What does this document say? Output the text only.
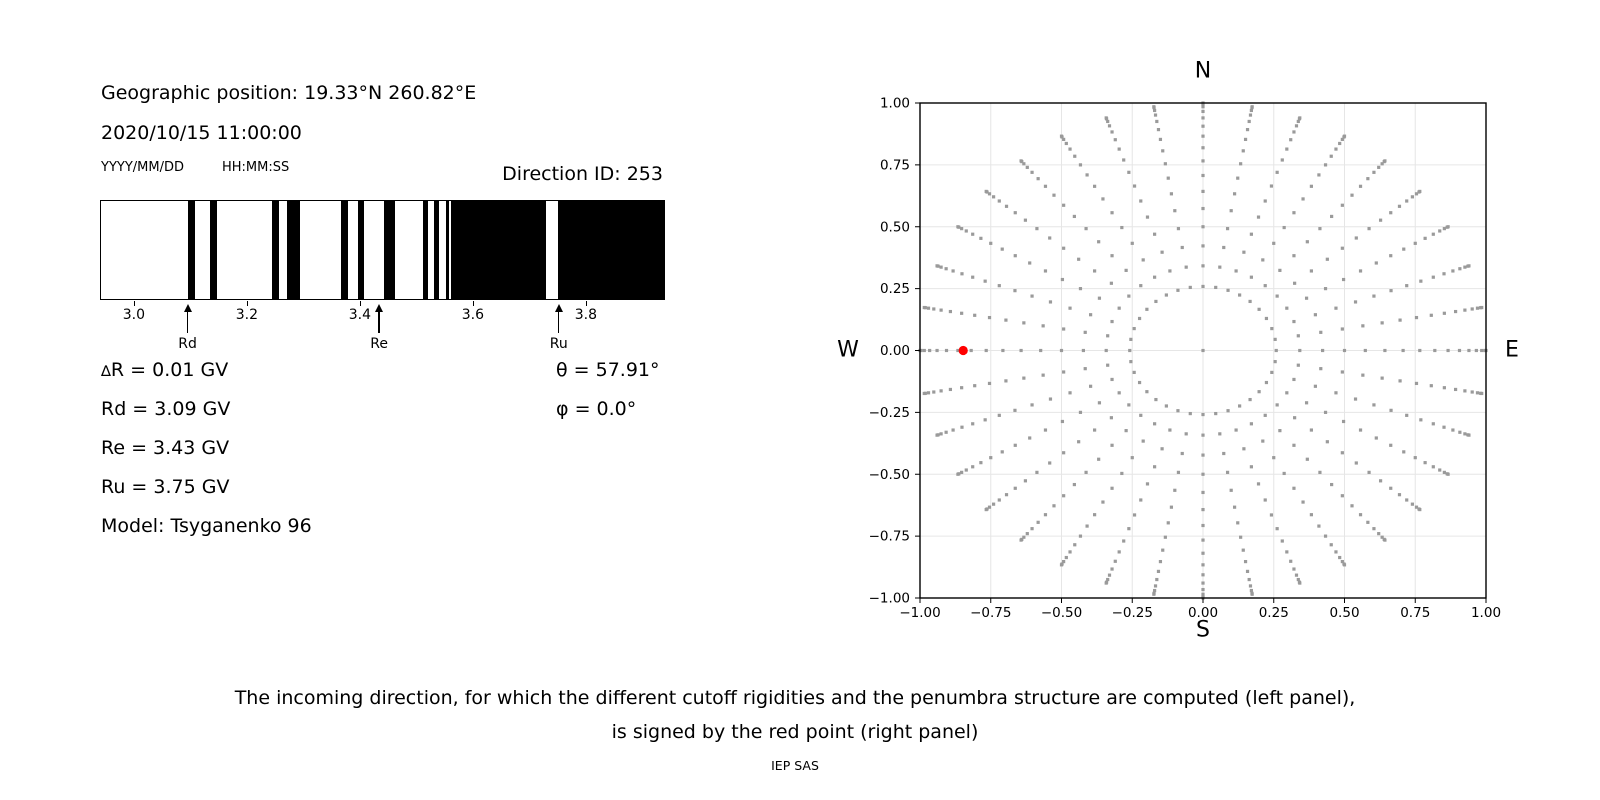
Geographic position: 19.33°N 260.82°E
2020/10/15 11:00:00
YYYY/MM/DD	HH:MM:SS	Direction ID: 253
3.0	3.2	3.4	3.6	3.8
Rd	Re	Ru
∆R = 0.01 GV
Rd = 3.09 GV
Re = 3.43 GV
Ru = 3.75 GV
Model: Tsyganenko 96
θ = 57.91°
φ = 0.0°
−1.00 −0.75 −0.50 −0.25	0.00	0.25	0.50	0.75	1.00
1.00
0.75
0.50
0.25
0.00
−0.25
−0.50
−0.75
−1.00
N
S
W	E
The incoming direction, for which the different cutoff rigidities and the penumbra structure are computed (left panel),
is signed by the red point (right panel)
IEP SAS
